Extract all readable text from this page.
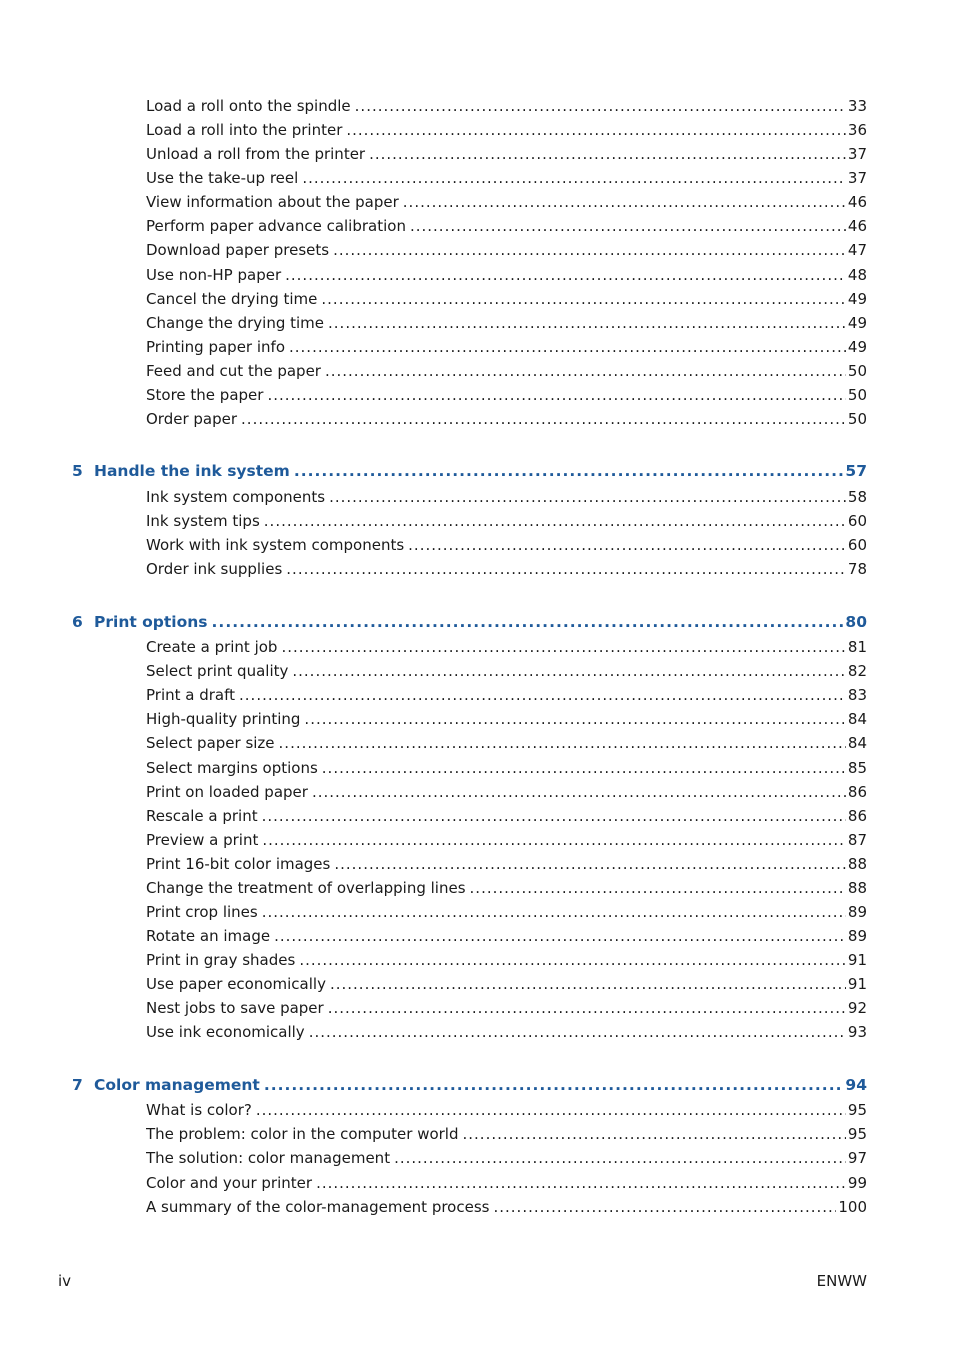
Load a roll onto the spindle .....	33
Load a roll into the printer .....	36
Unload a roll from the printer .....	37
Use the take-up reel .....	37
View information about the paper .....	46
Perform paper advance calibration .....	46
Download paper presets .....	47
Use non-HP paper .....	48
Cancel the drying time .....	49
Change the drying time .....	49
Printing paper info .....	49
Feed and cut the paper .....	50
Store the paper .....	50
Order paper .....	50
5 Handle the ink system .....	57
Ink system components .....	58
Ink system tips .....	60
Work with ink system components .....	60
Order ink supplies .....	78
6 Print options .....	80
Create a print job .....	81
Select print quality .....	82
Print a draft .....	83
High-quality printing .....	84
Select paper size .....	84
Select margins options .....	85
Print on loaded paper .....	86
Rescale a print .....	86
Preview a print .....	87
Print 16-bit color images .....	88
Change the treatment of overlapping lines .....	88
Print crop lines .....	89
Rotate an image .....	89
Print in gray shades .....	91
Use paper economically .....	91
Nest jobs to save paper .....	92
Use ink economically .....	93
7 Color management .....	94
What is color? .....	95
The problem: color in the computer world .....	95
The solution: color management .....	97
Color and your printer .....	99
A summary of the color-management process .....	100
iv	ENWW
